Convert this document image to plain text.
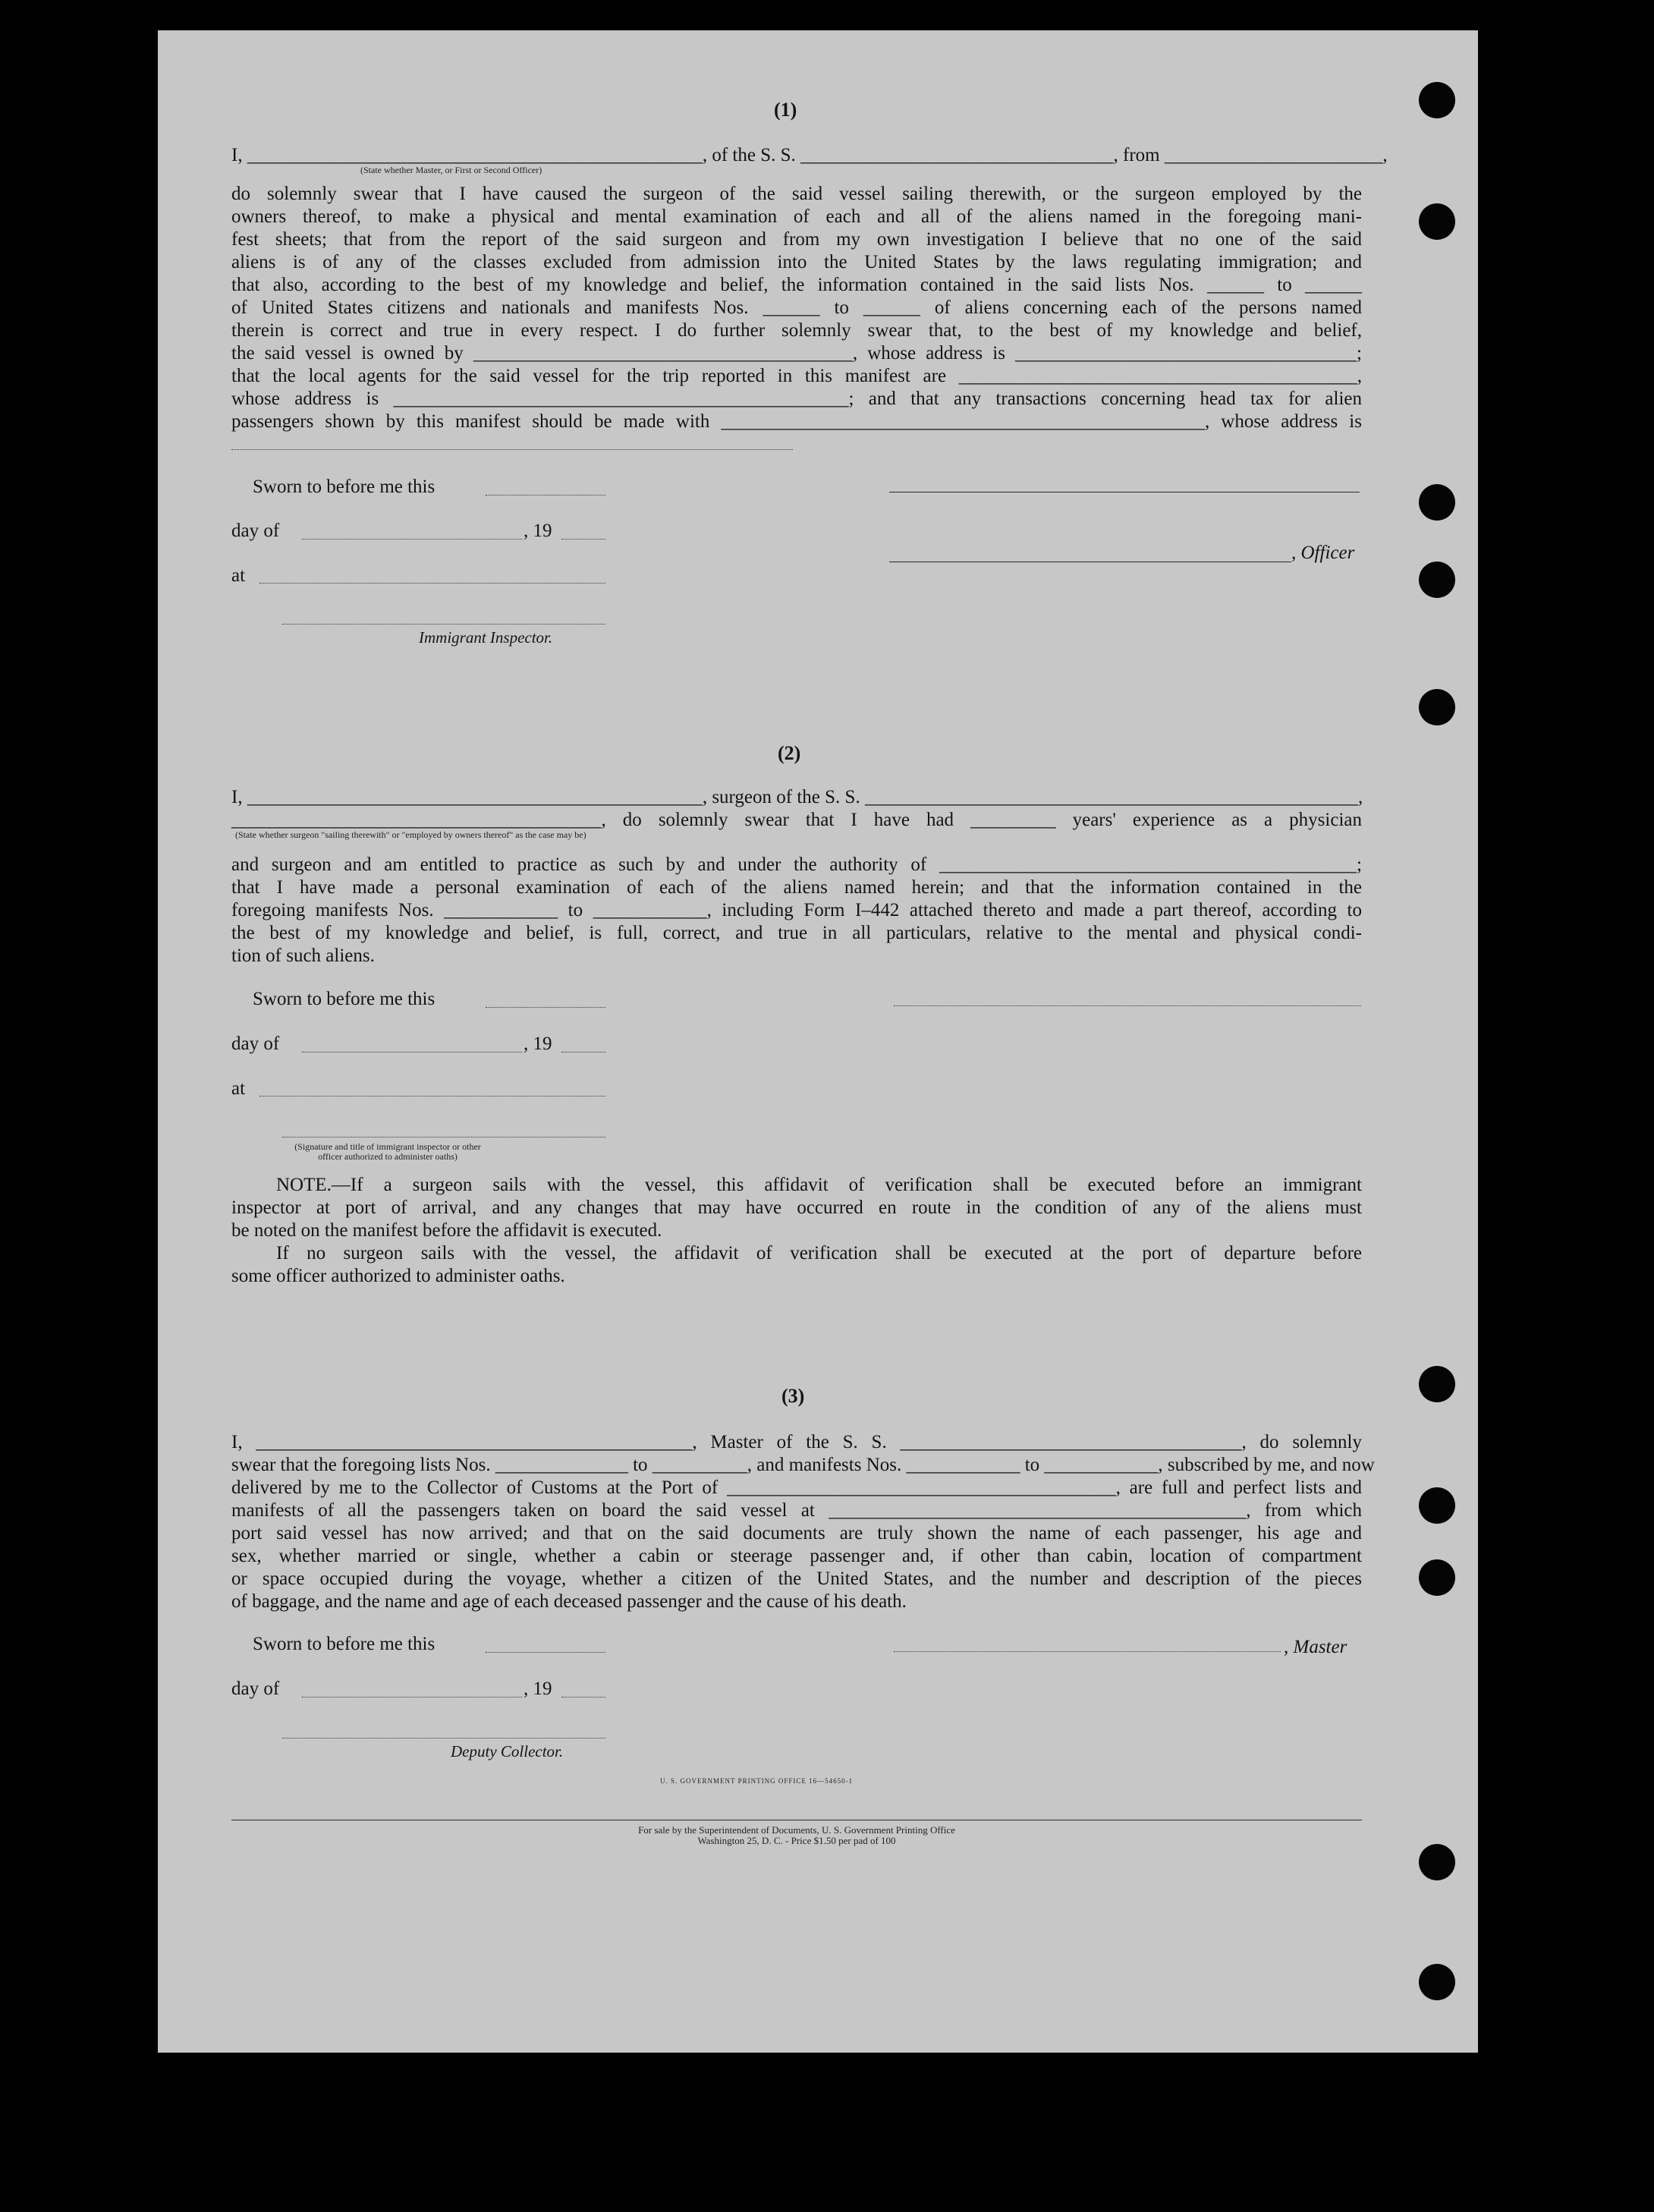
(1)
I, ________________________________________________, of the S. S. _________________________________, from _______________________,
(State whether Master, or First or Second Officer)
do solemnly swear that I have caused the surgeon of the said vessel sailing therewith, or the surgeon employed by the
owners thereof, to make a physical and mental examination of each and all of the aliens named in the foregoing mani-
fest sheets; that from the report of the said surgeon and from my own investigation I believe that no one of the said
aliens is of any of the classes excluded from admission into the United States by the laws regulating immigration; and
that also, according to the best of my knowledge and belief, the information contained in the said lists Nos. ______ to ______
of United States citizens and nationals and manifests Nos. ______ to ______ of aliens concerning each of the persons named
therein is correct and true in every respect. I do further solemnly swear that, to the best of my knowledge and belief,
the said vessel is owned by ________________________________________, whose address is ____________________________________;
that the local agents for the said vessel for the trip reported in this manifest are __________________________________________,
whose address is ________________________________________________; and that any transactions concerning head tax for alien
passengers shown by this manifest should be made with ___________________________________________________, whose address is
Sworn to before me this
day of	, 19
, Officer
at
Immigrant Inspector.
(2)
I, ________________________________________________, surgeon of the S. S. ____________________________________________________,
_______________________________________, do solemnly swear that I have had _________ years' experience as a physician
(State whether surgeon "sailing therewith" or "employed by owners thereof" as the case may be)
and surgeon and am entitled to practice as such by and under the authority of ____________________________________________;
that I have made a personal examination of each of the aliens named herein; and that the information contained in the
foregoing manifests Nos. ____________ to ____________, including Form I–442 attached thereto and made a part thereof, according to
the best of my knowledge and belief, is full, correct, and true in all particulars, relative to the mental and physical condi-
tion of such aliens.
Sworn to before me this
day of	, 19
at
(Signature and title of immigrant inspector or other officer authorized to administer oaths)
NOTE.—If a surgeon sails with the vessel, this affidavit of verification shall be executed before an immigrant
inspector at port of arrival, and any changes that may have occurred en route in the condition of any of the aliens must
be noted on the manifest before the affidavit is executed.
If no surgeon sails with the vessel, the affidavit of verification shall be executed at the port of departure before
some officer authorized to administer oaths.
(3)
I, ______________________________________________, Master of the S. S. ____________________________________, do solemnly
swear that the foregoing lists Nos. ______________ to __________, and manifests Nos. ____________ to ____________, subscribed by me, and now
delivered by me to the Collector of Customs at the Port of _________________________________________, are full and perfect lists and
manifests of all the passengers taken on board the said vessel at ____________________________________________, from which
port said vessel has now arrived; and that on the said documents are truly shown the name of each passenger, his age and
sex, whether married or single, whether a cabin or steerage passenger and, if other than cabin, location of compartment
or space occupied during the voyage, whether a citizen of the United States, and the number and description of the pieces
of baggage, and the name and age of each deceased passenger and the cause of his death.
Sworn to before me this	, Master
day of	, 19
Deputy Collector.
U. S. GOVERNMENT PRINTING OFFICE 16—54650-1
For sale by the Superintendent of Documents, U. S. Government Printing Office
Washington 25, D. C. - Price $1.50 per pad of 100
